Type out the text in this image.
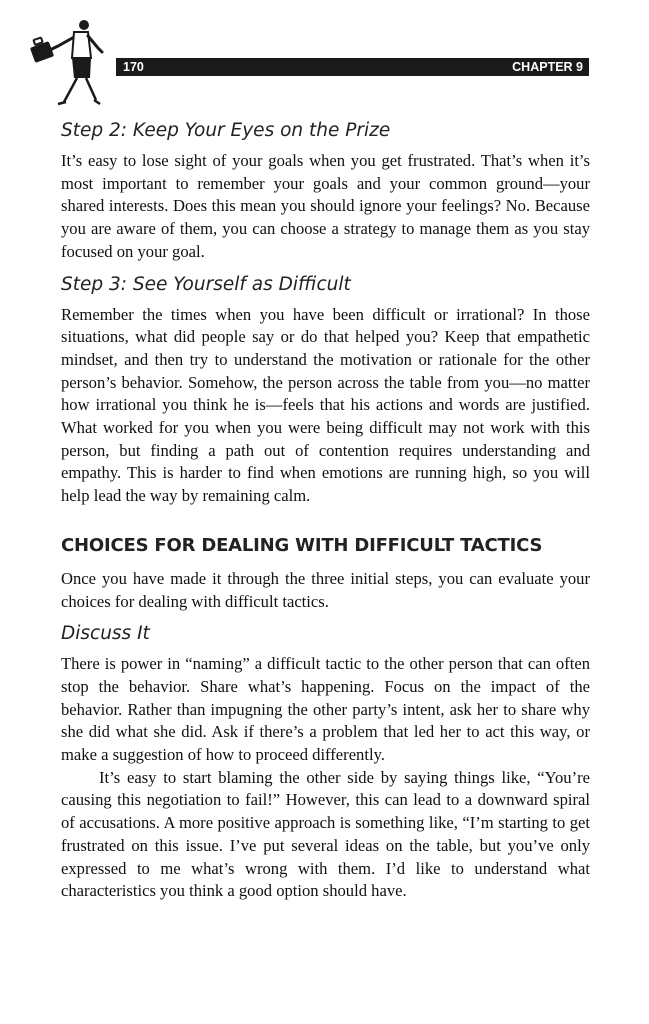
170	CHAPTER 9
Step 2: Keep Your Eyes on the Prize

It’s easy to lose sight of your goals when you get frustrated. That’s when it’s most important to remember your goals and your common ground—your shared interests. Does this mean you should ignore your feelings? No. Because you are aware of them, you can choose a strategy to manage them as you stay focused on your goal.

Step 3: See Yourself as Difficult

Remember the times when you have been difficult or irrational? In those situations, what did people say or do that helped you? Keep that empathetic mindset, and then try to understand the motivation or rationale for the other person’s behavior. Somehow, the person across the table from you—no matter how irrational you think he is—feels that his actions and words are justified. What worked for you when you were being difficult may not work with this person, but finding a path out of contention requires understanding and empathy. This is harder to find when emotions are running high, so you will help lead the way by remaining calm.

CHOICES FOR DEALING WITH DIFFICULT TACTICS

Once you have made it through the three initial steps, you can evaluate your choices for dealing with difficult tactics.

Discuss It

There is power in “naming” a difficult tactic to the other person that can often stop the behavior. Share what’s happening. Focus on the impact of the behavior. Rather than impugning the other party’s intent, ask her to share why she did what she did. Ask if there’s a problem that led her to act this way, or make a suggestion of how to proceed differently.

It’s easy to start blaming the other side by saying things like, “You’re causing this negotiation to fail!” However, this can lead to a downward spiral of accusations. A more positive approach is something like, “I’m starting to get frustrated on this issue. I’ve put several ideas on the table, but you’ve only expressed to me what’s wrong with them. I’d like to understand what characteristics you think a good option should have.
